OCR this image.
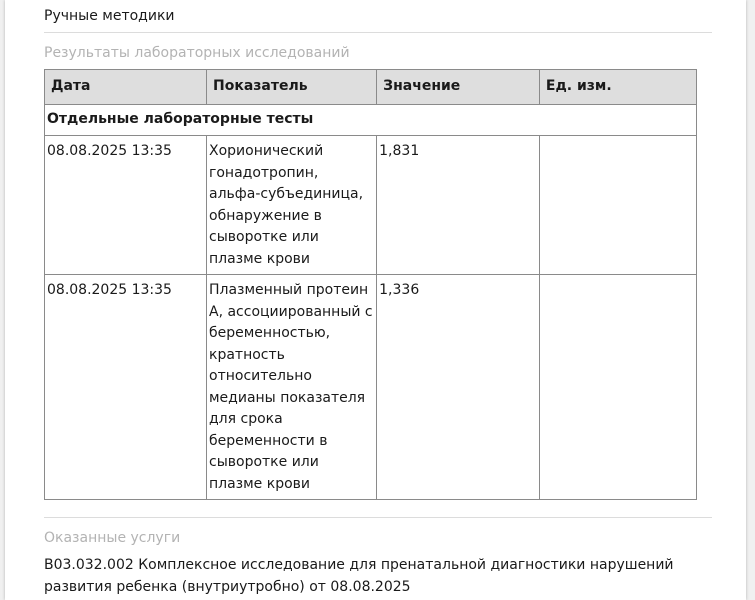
Ручные методики
Результаты лабораторных исследований
Дата	Показатель	Значение	Ед. изм.
Отдельные лабораторные тесты			
08.08.2025 13:35	Хорионический гонадотропин, альфа-субъединица, обнаружение в сыворотке или плазме крови	1,831	
08.08.2025 13:35	Плазменный протеин А, ассоциированный с беременностью, кратность относительно медианы показателя для срока беременности в сыворотке или плазме крови	1,336	
Оказанные услуги
B03.032.002 Комплексное исследование для пренатальной диагностики нарушений развития ребенка (внутриутробно) от 08.08.2025
